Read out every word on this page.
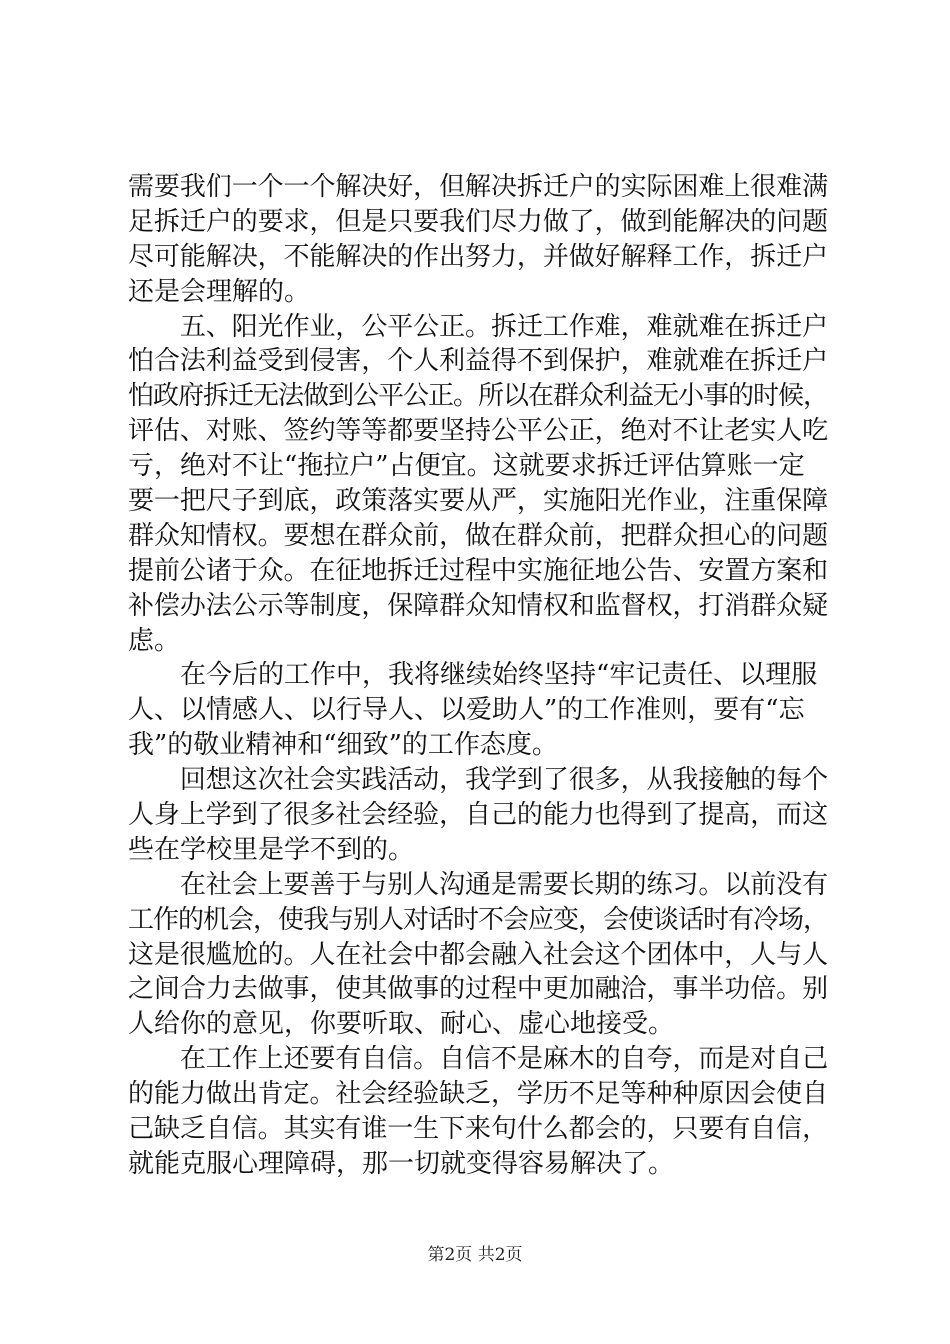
需要我们一个一个解决好，但解决拆迁户的实际困难上很难满
足拆迁户的要求，但是只要我们尽力做了，做到能解决的问题
尽可能解决，不能解决的作出努力，并做好解释工作，拆迁户
还是会理解的。
　　五、阳光作业，公平公正。拆迁工作难，难就难在拆迁户
怕合法利益受到侵害，个人利益得不到保护，难就难在拆迁户
怕政府拆迁无法做到公平公正。所以在群众利益无小事的时候，
评估、对账、签约等等都要坚持公平公正，绝对不让老实人吃
亏，绝对不让“拖拉户”占便宜。这就要求拆迁评估算账一定
要一把尺子到底，政策落实要从严，实施阳光作业，注重保障
群众知情权。要想在群众前，做在群众前，把群众担心的问题
提前公诸于众。在征地拆迁过程中实施征地公告、安置方案和
补偿办法公示等制度，保障群众知情权和监督权，打消群众疑
虑。
　　在今后的工作中，我将继续始终坚持“牢记责任、以理服
人、以情感人、以行导人、以爱助人”的工作准则，要有“忘
我”的敬业精神和“细致”的工作态度。
　　回想这次社会实践活动，我学到了很多，从我接触的每个
人身上学到了很多社会经验，自己的能力也得到了提高，而这
些在学校里是学不到的。
　　在社会上要善于与别人沟通是需要长期的练习。以前没有
工作的机会，使我与别人对话时不会应变，会使谈话时有冷场，
这是很尴尬的。人在社会中都会融入社会这个团体中，人与人
之间合力去做事，使其做事的过程中更加融洽，事半功倍。别
人给你的意见，你要听取、耐心、虚心地接受。
　　在工作上还要有自信。自信不是麻木的自夸，而是对自己
的能力做出肯定。社会经验缺乏，学历不足等种种原因会使自
己缺乏自信。其实有谁一生下来句什么都会的，只要有自信，
就能克服心理障碍，那一切就变得容易解决了。
第2页 共2页
